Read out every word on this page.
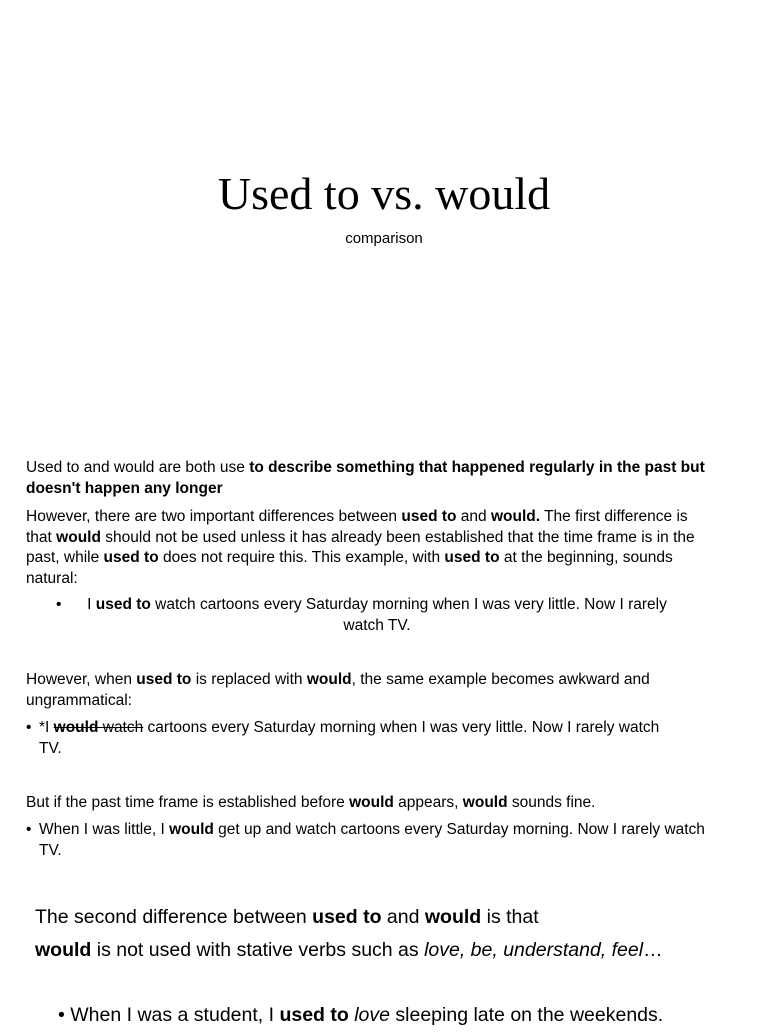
Used to vs. would
comparison

Used to and would are both use to describe something that happened regularly in the past but doesn't happen any longer

However, there are two important differences between used to and would. The first difference is that would should not be used unless it has already been established that the time frame is in the past, while used to does not require this. This example, with used to at the beginning, sounds natural:

•	I used to watch cartoons every Saturday morning when I was very little. Now I rarely watch TV.

However, when used to is replaced with would, the same example becomes awkward and ungrammatical:

• *I would watch cartoons every Saturday morning when I was very little. Now I rarely watch TV.

But if the past time frame is established before would appears, would sounds fine.

• When I was little, I would get up and watch cartoons every Saturday morning. Now I rarely watch TV.
The second difference between used to and would is that
would is not used with stative verbs such as love, be, understand, feel…
• When I was a student, I used to love sleeping late on the weekends.
